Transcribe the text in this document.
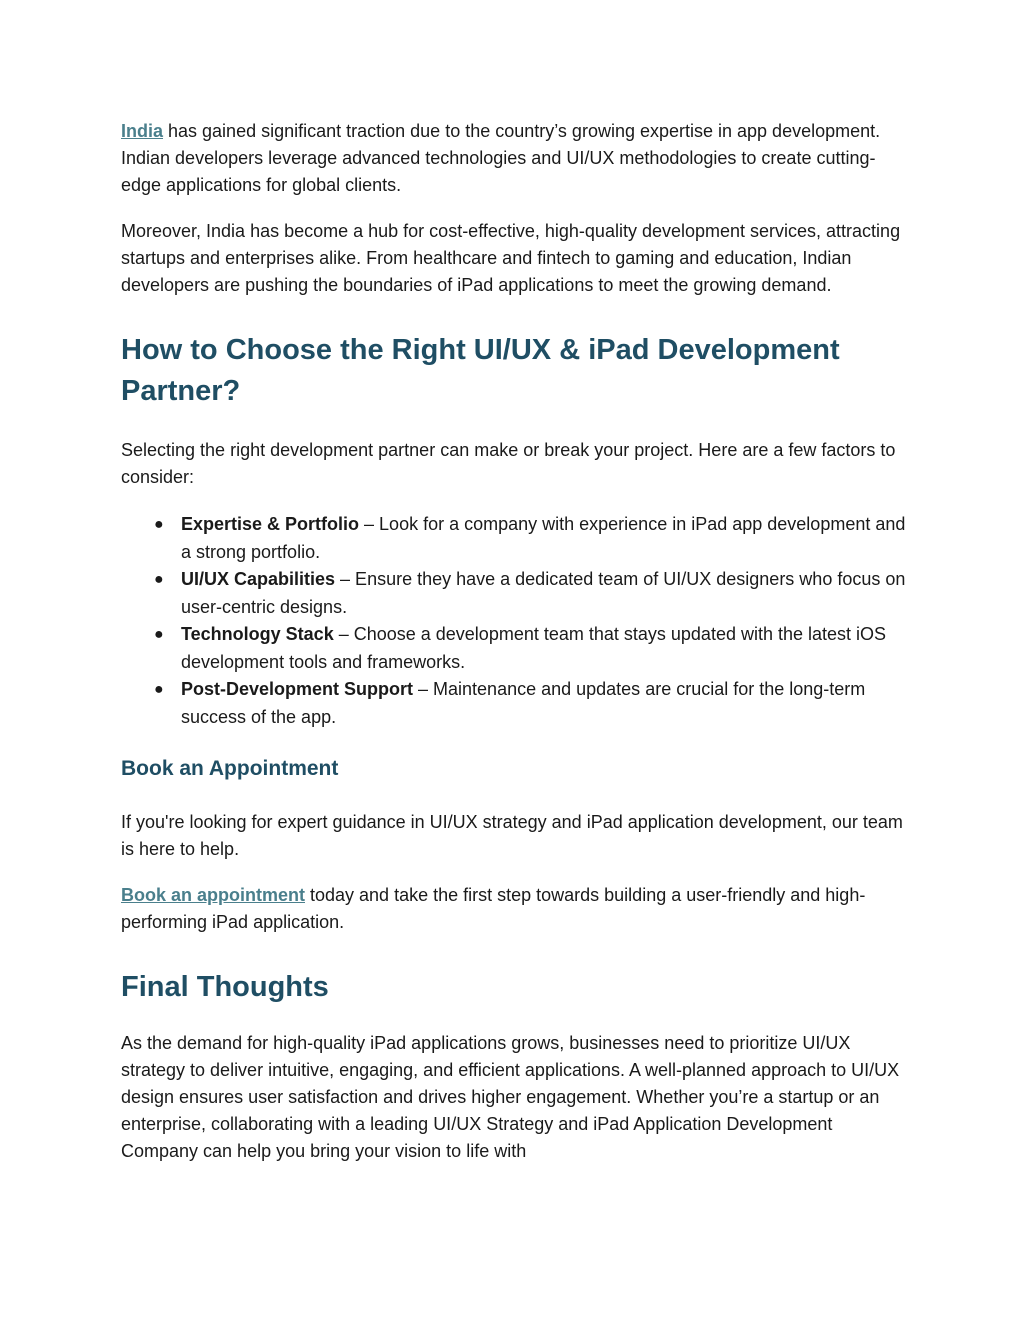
India has gained significant traction due to the country’s growing expertise in app development. Indian developers leverage advanced technologies and UI/UX methodologies to create cutting-edge applications for global clients.

Moreover, India has become a hub for cost-effective, high-quality development services, attracting startups and enterprises alike. From healthcare and fintech to gaming and education, Indian developers are pushing the boundaries of iPad applications to meet the growing demand.

How to Choose the Right UI/UX & iPad Development Partner?

Selecting the right development partner can make or break your project. Here are a few factors to consider:

● Expertise & Portfolio – Look for a company with experience in iPad app development and a strong portfolio.
● UI/UX Capabilities – Ensure they have a dedicated team of UI/UX designers who focus on user-centric designs.
● Technology Stack – Choose a development team that stays updated with the latest iOS development tools and frameworks.
● Post-Development Support – Maintenance and updates are crucial for the long-term success of the app.
Book an Appointment

If you're looking for expert guidance in UI/UX strategy and iPad application development, our team is here to help.

Book an appointment today and take the first step towards building a user-friendly and high-performing iPad application.

Final Thoughts

As the demand for high-quality iPad applications grows, businesses need to prioritize UI/UX strategy to deliver intuitive, engaging, and efficient applications. A well-planned approach to UI/UX design ensures user satisfaction and drives higher engagement. Whether you’re a startup or an enterprise, collaborating with a leading UI/UX Strategy and iPad Application Development Company can help you bring your vision to life with
